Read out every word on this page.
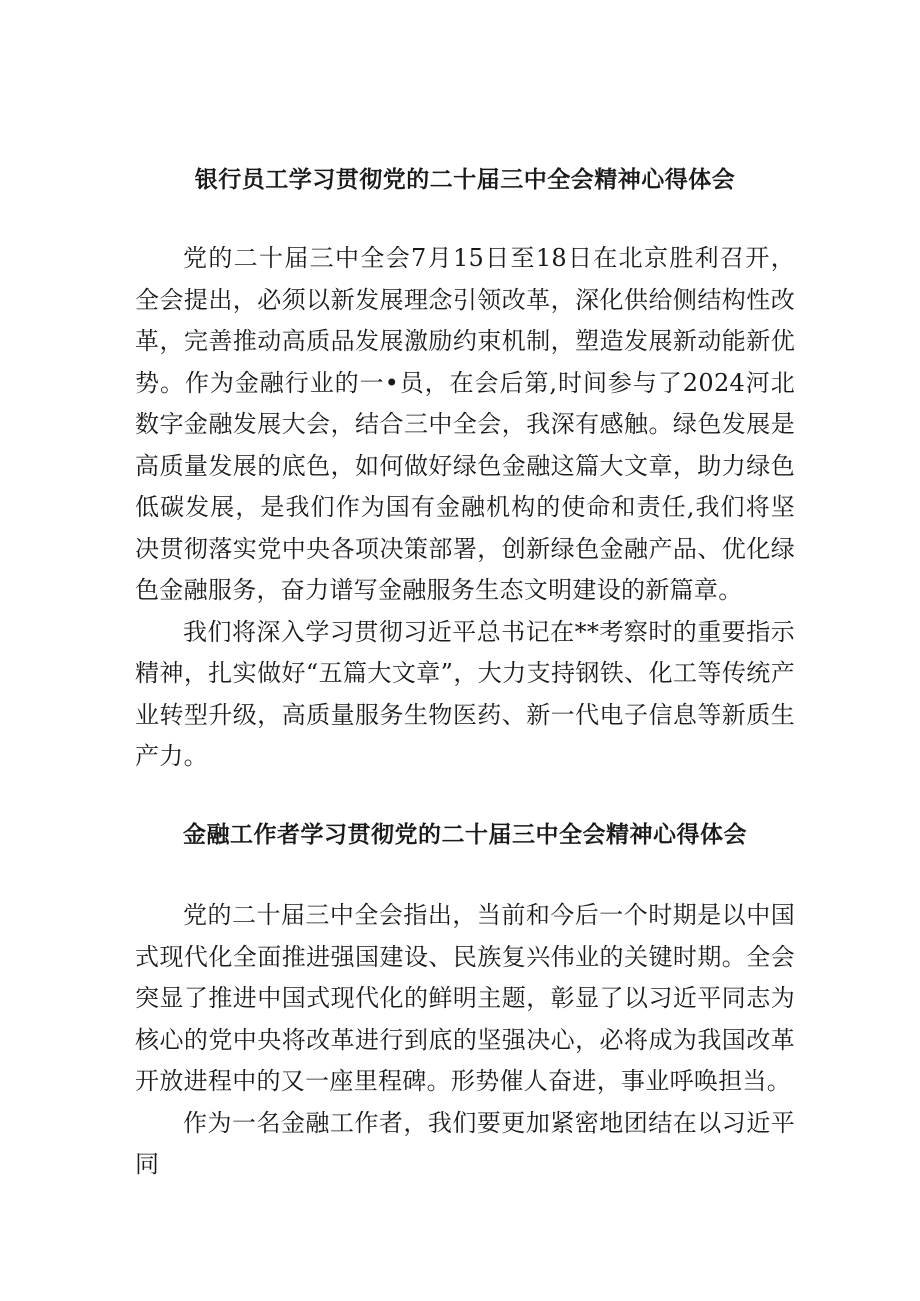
银行员工学习贯彻党的二十届三中全会精神心得体会

党的二十届三中全会7月15日至18日在北京胜利召开，全会提出，必须以新发展理念引领改革，深化供给侧结构性改革，完善推动高质品发展激励约束机制，塑造发展新动能新优势。作为金融行业的一•员，在会后第,时间参与了2024河北数字金融发展大会，结合三中全会，我深有感触。绿色发展是高质量发展的底色，如何做好绿色金融这篇大文章，助力绿色低碳发展，是我们作为国有金融机构的使命和责任,我们将坚决贯彻落实党中央各项决策部署，创新绿色金融产品、优化绿色金融服务，奋力谱写金融服务生态文明建设的新篇章。

我们将深入学习贯彻习近平总书记在**考察时的重要指示精神，扎实做好“五篇大文章”，大力支持钢铁、化工等传统产业转型升级，高质量服务生物医药、新一代电子信息等新质生产力。

金融工作者学习贯彻党的二十届三中全会精神心得体会

党的二十届三中全会指出，当前和今后一个时期是以中国式现代化全面推进强国建设、民族复兴伟业的关键时期。全会突显了推进中国式现代化的鲜明主题，彰显了以习近平同志为核心的党中央将改革进行到底的坚强决心，必将成为我国改革开放进程中的又一座里程碑。形势催人奋进，事业呼唤担当。

作为一名金融工作者，我们要更加紧密地团结在以习近平同
